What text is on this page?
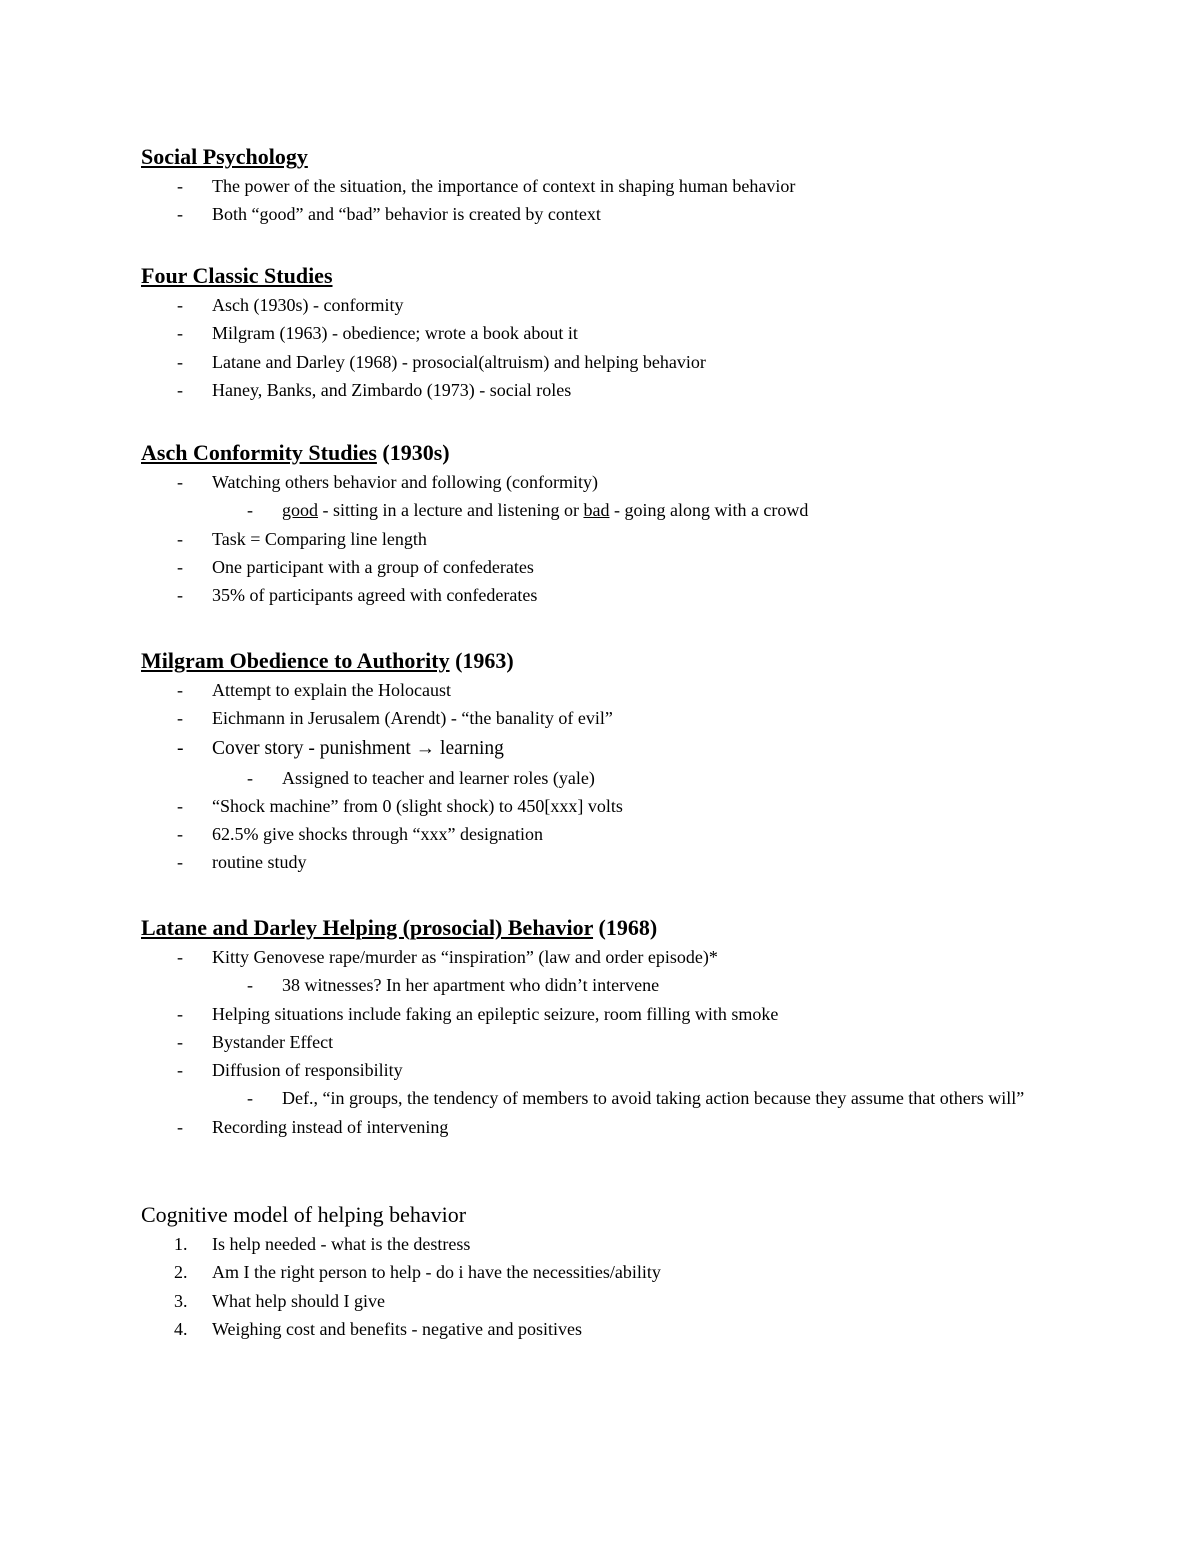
Social Psychology
- The power of the situation, the importance of context in shaping human behavior
- Both “good” and “bad” behavior is created by context
Four Classic Studies
- Asch (1930s) - conformity
- Milgram (1963) - obedience; wrote a book about it
- Latane and Darley (1968) - prosocial(altruism) and helping behavior
- Haney, Banks, and Zimbardo (1973) - social roles
Asch Conformity Studies (1930s)
- Watching others behavior and following (conformity)
- good - sitting in a lecture and listening or bad - going along with a crowd
- Task = Comparing line length
- One participant with a group of confederates
- 35% of participants agreed with confederates
Milgram Obedience to Authority (1963)
- Attempt to explain the Holocaust
- Eichmann in Jerusalem (Arendt) - “the banality of evil”
- Cover story - punishment → learning
- Assigned to teacher and learner roles (yale)
- “Shock machine” from 0 (slight shock) to 450[xxx] volts
- 62.5% give shocks through “xxx” designation
- routine study
Latane and Darley Helping (prosocial) Behavior (1968)
- Kitty Genovese rape/murder as “inspiration” (law and order episode)*
- 38 witnesses? In her apartment who didn’t intervene
- Helping situations include faking an epileptic seizure, room filling with smoke
- Bystander Effect
- Diffusion of responsibility
- Def., “in groups, the tendency of members to avoid taking action because they assume that others will”
- Recording instead of intervening
Cognitive model of helping behavior
1. Is help needed - what is the destress
2. Am I the right person to help - do i have the necessities/ability
3. What help should I give
4. Weighing cost and benefits - negative and positives
